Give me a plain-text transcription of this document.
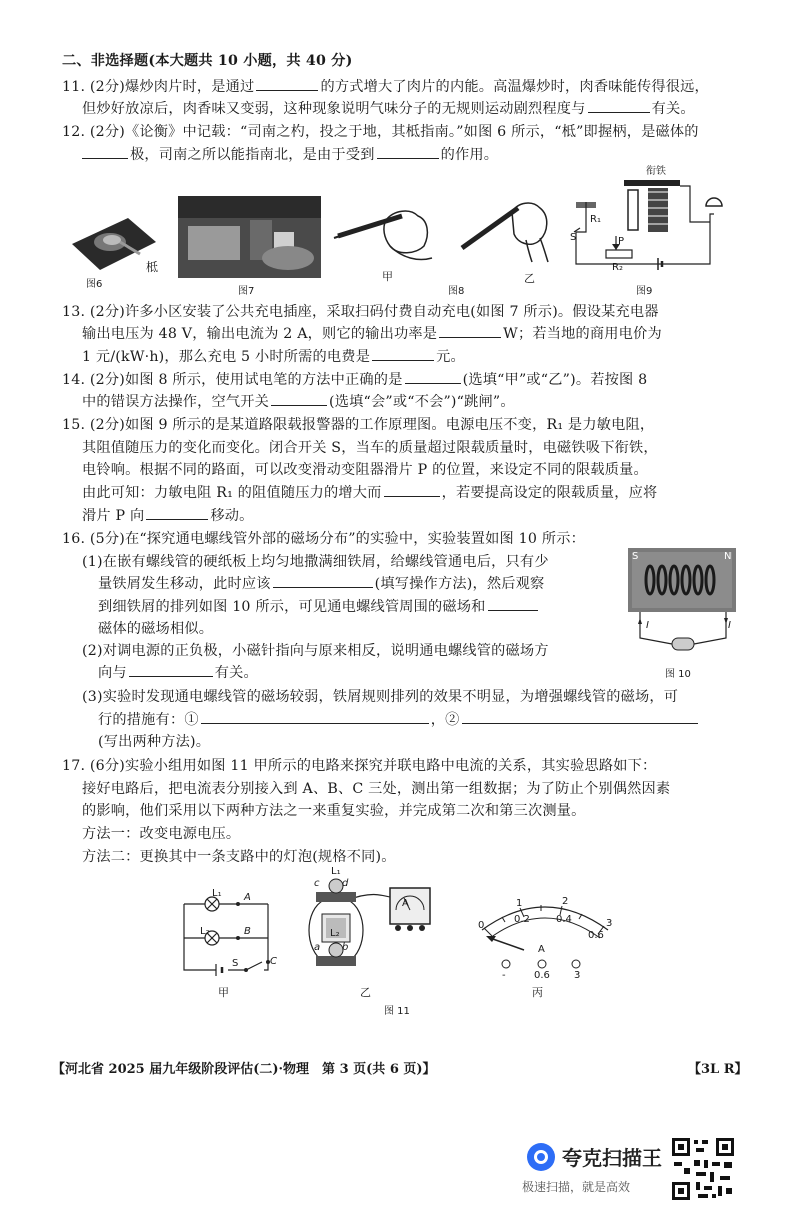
二、非选择题(本大题共 10 小题，共 40 分)
11. (2分)爆炒肉片时，是通过	的方式增大了肉片的内能。高温爆炒时，肉香味能传得很远，
但炒好放凉后，肉香味又变弱，这种现象说明气味分子的无规则运动剧烈程度与	有关。
12. (2分)《论衡》中记载：“司南之杓，投之于地，其柢指南。”如图 6 所示，“柢”即握柄，是磁体的
极，司南之所以能指南北，是由于受到	的作用。
柢
图6
图7
甲
图8
乙
衔铁
R₁
S	P
R₂
图9
13. (2分)许多小区安装了公共充电插座，采取扫码付费自动充电(如图 7 所示)。假设某充电器
输出电压为 48 V，输出电流为 2 A，则它的输出功率是	W；若当地的商用电价为
1 元/(kW·h)，那么充电 5 小时所需的电费是	元。
14. (2分)如图 8 所示，使用试电笔的方法中正确的是	(选填“甲”或“乙”)。若按图 8
中的错误方法操作，空气开关	(选填“会”或“不会”)“跳闸”。
15. (2分)如图 9 所示的是某道路限载报警器的工作原理图。电源电压不变，R₁ 是力敏电阻，
其阻值随压力的变化而变化。闭合开关 S，当车的质量超过限载质量时，电磁铁吸下衔铁，
电铃响。根据不同的路面，可以改变滑动变阻器滑片 P 的位置，来设定不同的限载质量。
由此可知：力敏电阻 R₁ 的阻值随压力的增大而	，若要提高设定的限载质量，应将
滑片 P 向	移动。
16. (5分)在“探究通电螺线管外部的磁场分布”的实验中，实验装置如图 10 所示：
(1)在嵌有螺线管的硬纸板上均匀地撒满细铁屑，给螺线管通电后，只有少
量铁屑发生移动，此时应该	(填写操作方法)，然后观察
到细铁屑的排列如图 10 所示，可见通电螺线管周围的磁场和
磁体的磁场相似。
(2)对调电源的正负极，小磁针指向与原来相反，说明通电螺线管的磁场方
向与	有关。
(3)实验时发现通电螺线管的磁场较弱，铁屑规则排列的效果不明显，为增强螺线管的磁场，可
行的措施有：①	，②
(写出两种方法)。
S	N
I	I
图 10
17. (6分)实验小组用如图 11 甲所示的电路来探究并联电路中电流的关系，其实验思路如下：
接好电路后，把电流表分别接入到 A、B、C 三处，测出第一组数据；为了防止个别偶然因素
的影响，他们采用以下两种方法之一来重复实验，并完成第二次和第三次测量。
方法一：改变电源电压。
方法二：更换其中一条支路中的灯泡(规格不同)。
L₁
L₂
A
B
C
S
甲
L₁
c d
L₂
a b
A
乙
0
1	2
3
0.2	0.4
0.6
A
-	0.6 3
丙
图 11
【河北省 2025 届九年级阶段评估(二)·物理　第 3 页(共 6 页)】	【3L R】
夸克扫描王
极速扫描，就是高效
